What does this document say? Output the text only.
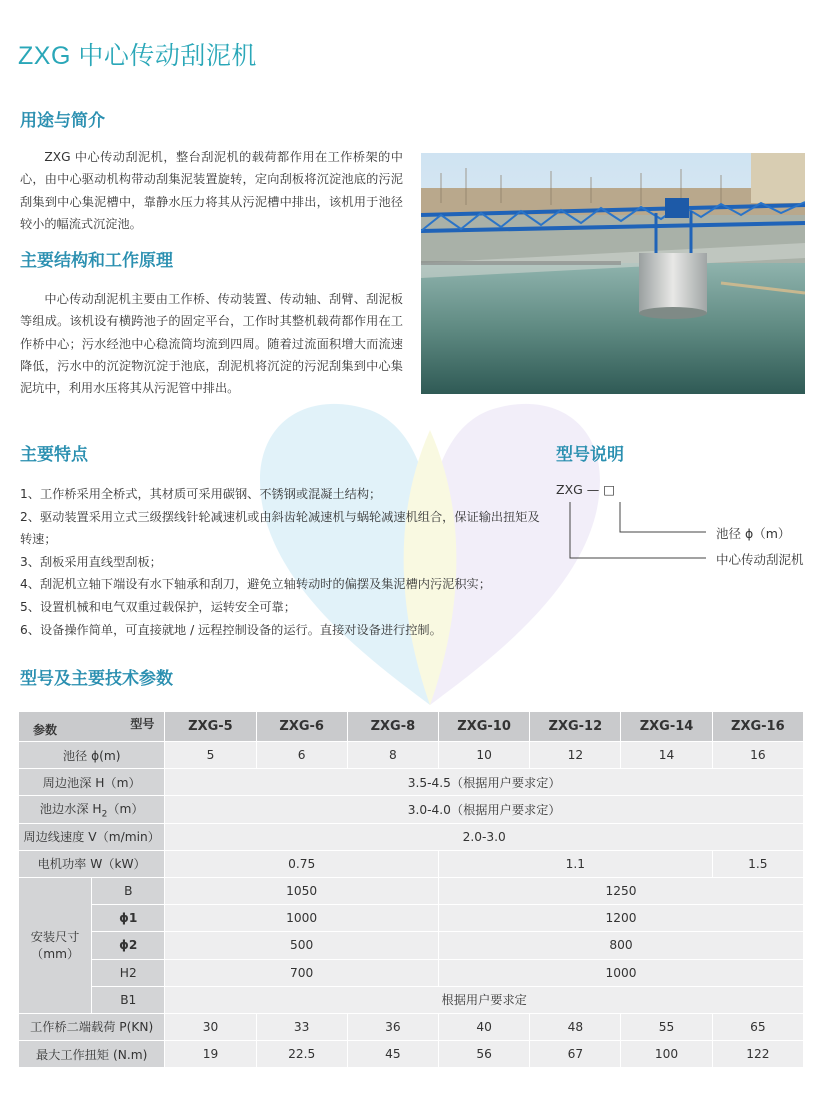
ZXG 中心传动刮泥机
用途与简介
ZXG 中心传动刮泥机，整台刮泥机的载荷都作用在工作桥架的中心，由中心驱动机构带动刮集泥装置旋转，定向刮板将沉淀池底的污泥刮集到中心集泥槽中，靠静水压力将其从污泥槽中排出，该机用于池径较小的幅流式沉淀池。
主要结构和工作原理
中心传动刮泥机主要由工作桥、传动装置、传动轴、刮臂、刮泥板等组成。该机设有横跨池子的固定平台，工作时其整机载荷都作用在工作桥中心；污水经池中心稳流筒均流到四周。随着过流面积增大而流速降低，污水中的沉淀物沉淀于池底，刮泥机将沉淀的污泥刮集到中心集泥坑中，利用水压将其从污泥管中排出。
主要特点
1、工作桥采用全桥式，其材质可采用碳钢、不锈钢或混凝土结构；
2、驱动装置采用立式三级摆线针轮减速机或由斜齿轮减速机与蜗轮减速机组合，保证输出扭矩及转速；
3、刮板采用直线型刮板；
4、刮泥机立轴下端设有水下轴承和刮刀，避免立轴转动时的偏摆及集泥槽内污泥积实；
5、设置机械和电气双重过载保护，运转安全可靠；
6、设备操作简单，可直接就地 / 远程控制设备的运行。直接对设备进行控制。
型号说明
ZXG — □
池径 ϕ（m）
中心传动刮泥机
型号及主要技术参数
型号
参数		ZXG-5	ZXG-6	ZXG-8	ZXG-10	ZXG-12	ZXG-14	ZXG-16
池径 ϕ(m)		5	6	8	10	12	14	16
周边池深 H（m）		3.5-4.5（根据用户要求定）						
池边水深 $H_2(m)$		3.0-4.0（根据用户要求定）						
周边线速度 V（m/min）		2.0-3.0						
电机功率 W（kW）		0.75			1.1			1.5

安装尺寸
（mm）	B	1050			1250			
	ϕ1	1000			1200			
	ϕ2	500			800			
	H2	700			1000			
	B1	根据用户要求定						
工作桥二端载荷 P(KN)		30	33	36	40	48	55	65
最大工作扭矩 (N.m)		19	22.5	45	56	67	100	122
